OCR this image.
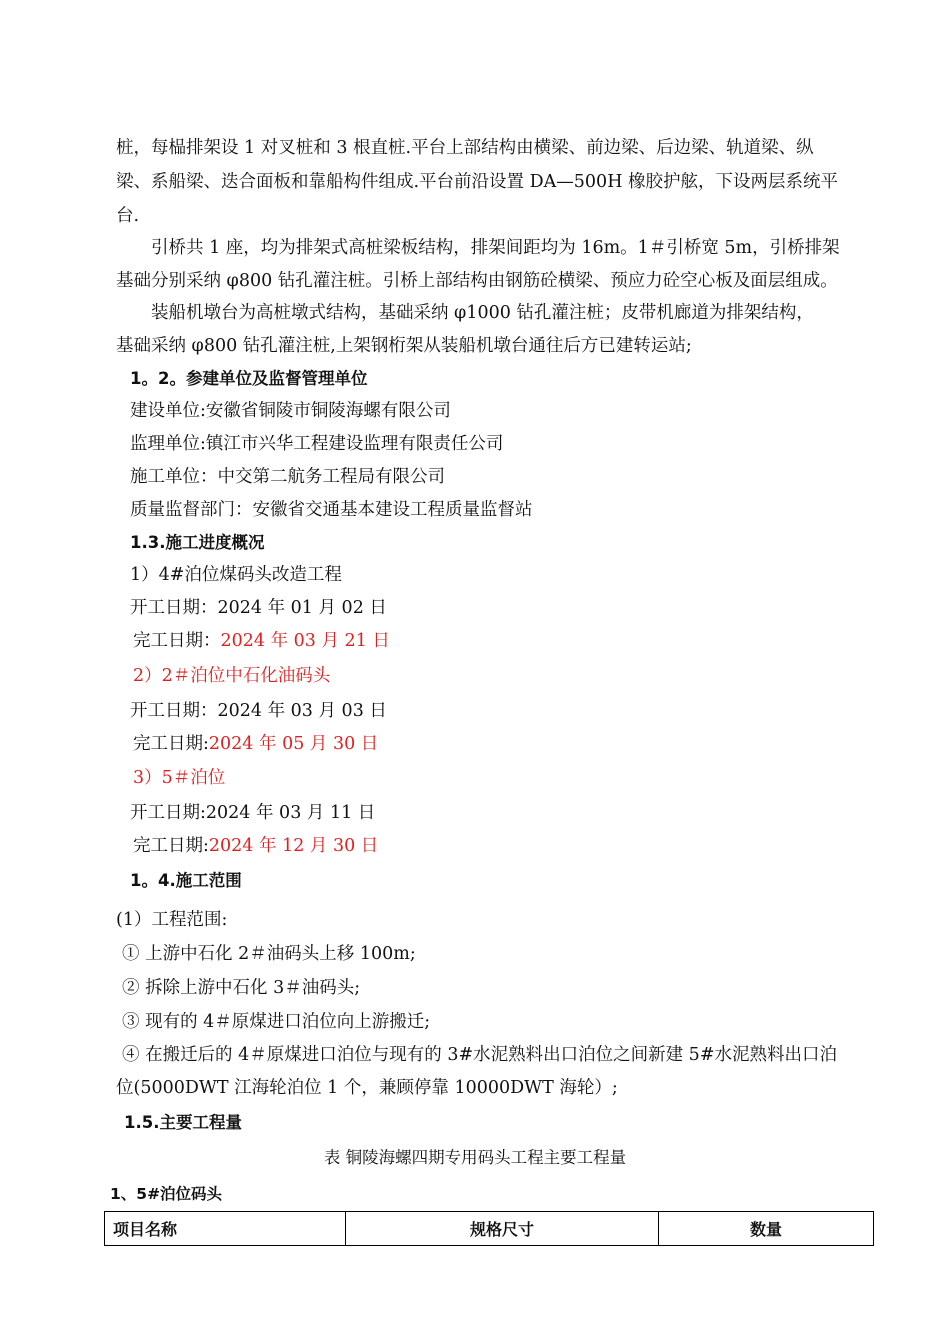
桩，每榀排架设 1 对叉桩和 3 根直桩.平台上部结构由横梁、前边梁、后边梁、轨道梁、纵
梁、系船梁、迭合面板和靠船构件组成.平台前沿设置 DA—500H 橡胶护舷，下设两层系统平
台.
引桥共 1 座，均为排架式高桩梁板结构，排架间距均为 16m。1＃引桥宽 5m，引桥排架
基础分别采纳 φ800 钻孔灌注桩。引桥上部结构由钢筋砼横梁、预应力砼空心板及面层组成。
装船机墩台为高桩墩式结构，基础采纳 φ1000 钻孔灌注桩；皮带机廊道为排架结构，
基础采纳 φ800 钻孔灌注桩,上架钢桁架从装船机墩台通往后方已建转运站;
1。2。参建单位及监督管理单位
建设单位:安徽省铜陵市铜陵海螺有限公司
监理单位:镇江市兴华工程建设监理有限责任公司
施工单位：中交第二航务工程局有限公司
质量监督部门：安徽省交通基本建设工程质量监督站
1.3.施工进度概况
1）4#泊位煤码头改造工程
开工日期：2024 年 01 月 02 日
完工日期：2024 年 03 月 21 日
2）2＃泊位中石化油码头
开工日期：2024 年 03 月 03 日
完工日期:2024 年 05 月 30 日
3）5＃泊位
开工日期:2024 年 03 月 11 日
完工日期:2024 年 12 月 30 日
1。4.施工范围
(1）工程范围:
① 上游中石化 2＃油码头上移 100m;
② 拆除上游中石化 3＃油码头;
③ 现有的 4＃原煤进口泊位向上游搬迁;
④ 在搬迁后的 4＃原煤进口泊位与现有的 3#水泥熟料出口泊位之间新建 5#水泥熟料出口泊
位(5000DWT 江海轮泊位 1 个，兼顾停靠 10000DWT 海轮）;
1.5.主要工程量
表 铜陵海螺四期专用码头工程主要工程量
1、5#泊位码头
项目名称	规格尺寸	数量
